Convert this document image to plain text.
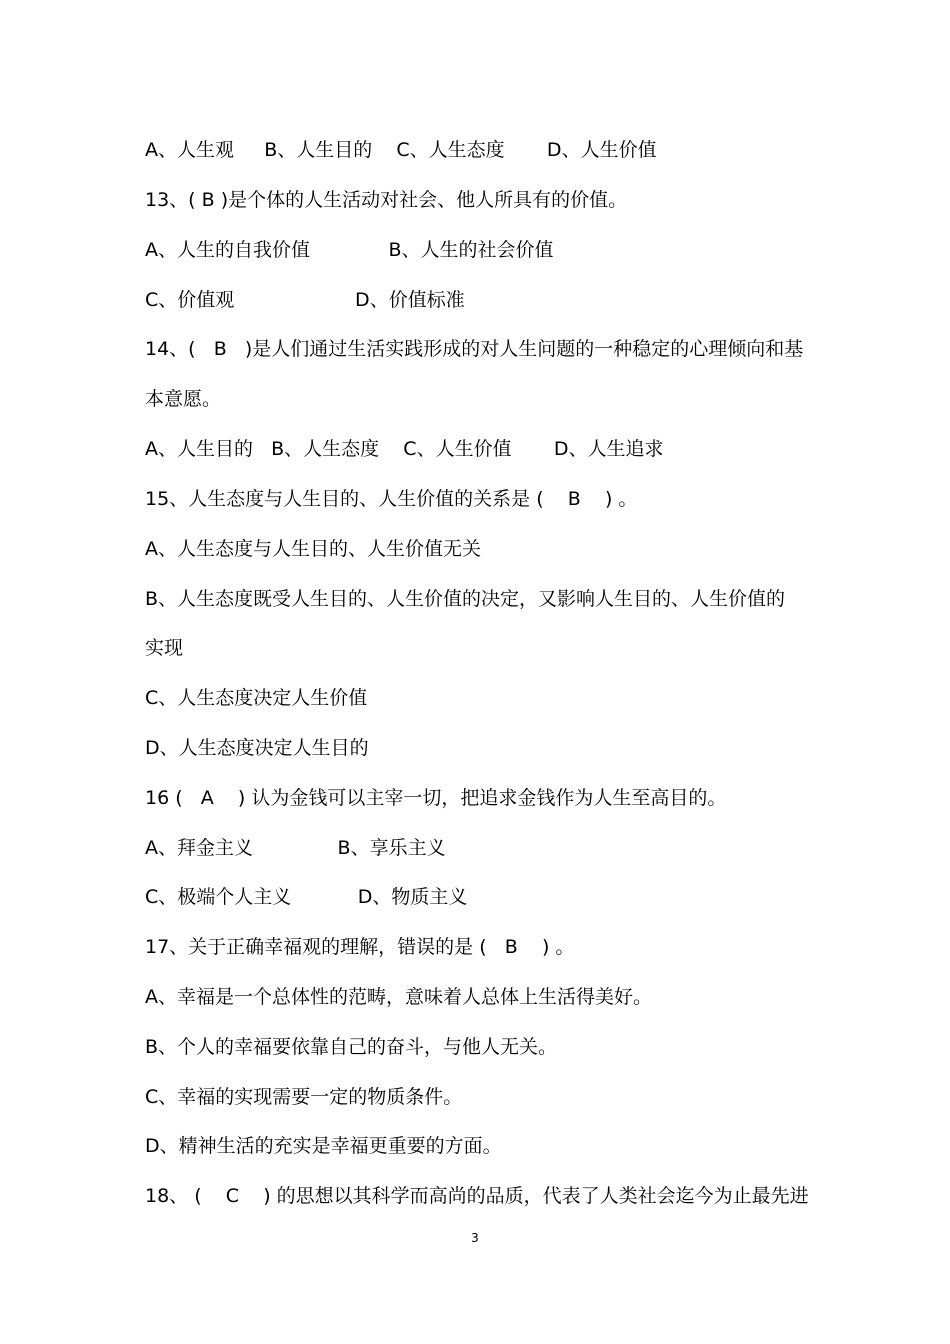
A、人生观     B、人生目的    C、人生态度       D、人生价值
13、( B )是个体的人生活动对社会、他人所具有的价值。
A、人生的自我价值             B、人生的社会价值
C、价值观                    D、价值标准
14、(   B   )是人们通过生活实践形成的对人生问题的一种稳定的心理倾向和基
本意愿。
A、人生目的   B、人生态度    C、人生价值       D、人生追求
15、人生态度与人生目的、人生价值的关系是 (    B    ) 。
A、人生态度与人生目的、人生价值无关
B、人生态度既受人生目的、人生价值的决定，又影响人生目的、人生价值的
实现
C、人生态度决定人生价值
D、人生态度决定人生目的
16 (   A    ) 认为金钱可以主宰一切，把追求金钱作为人生至高目的。
A、拜金主义              B、享乐主义
C、极端个人主义           D、物质主义
17、关于正确幸福观的理解，错误的是 (   B    ) 。
A、幸福是一个总体性的范畴，意味着人总体上生活得美好。
B、个人的幸福要依靠自己的奋斗，与他人无关。
C、幸福的实现需要一定的物质条件。
D、精神生活的充实是幸福更重要的方面。
18、 (    C    ) 的思想以其科学而高尚的品质，代表了人类社会迄今为止最先进
3
